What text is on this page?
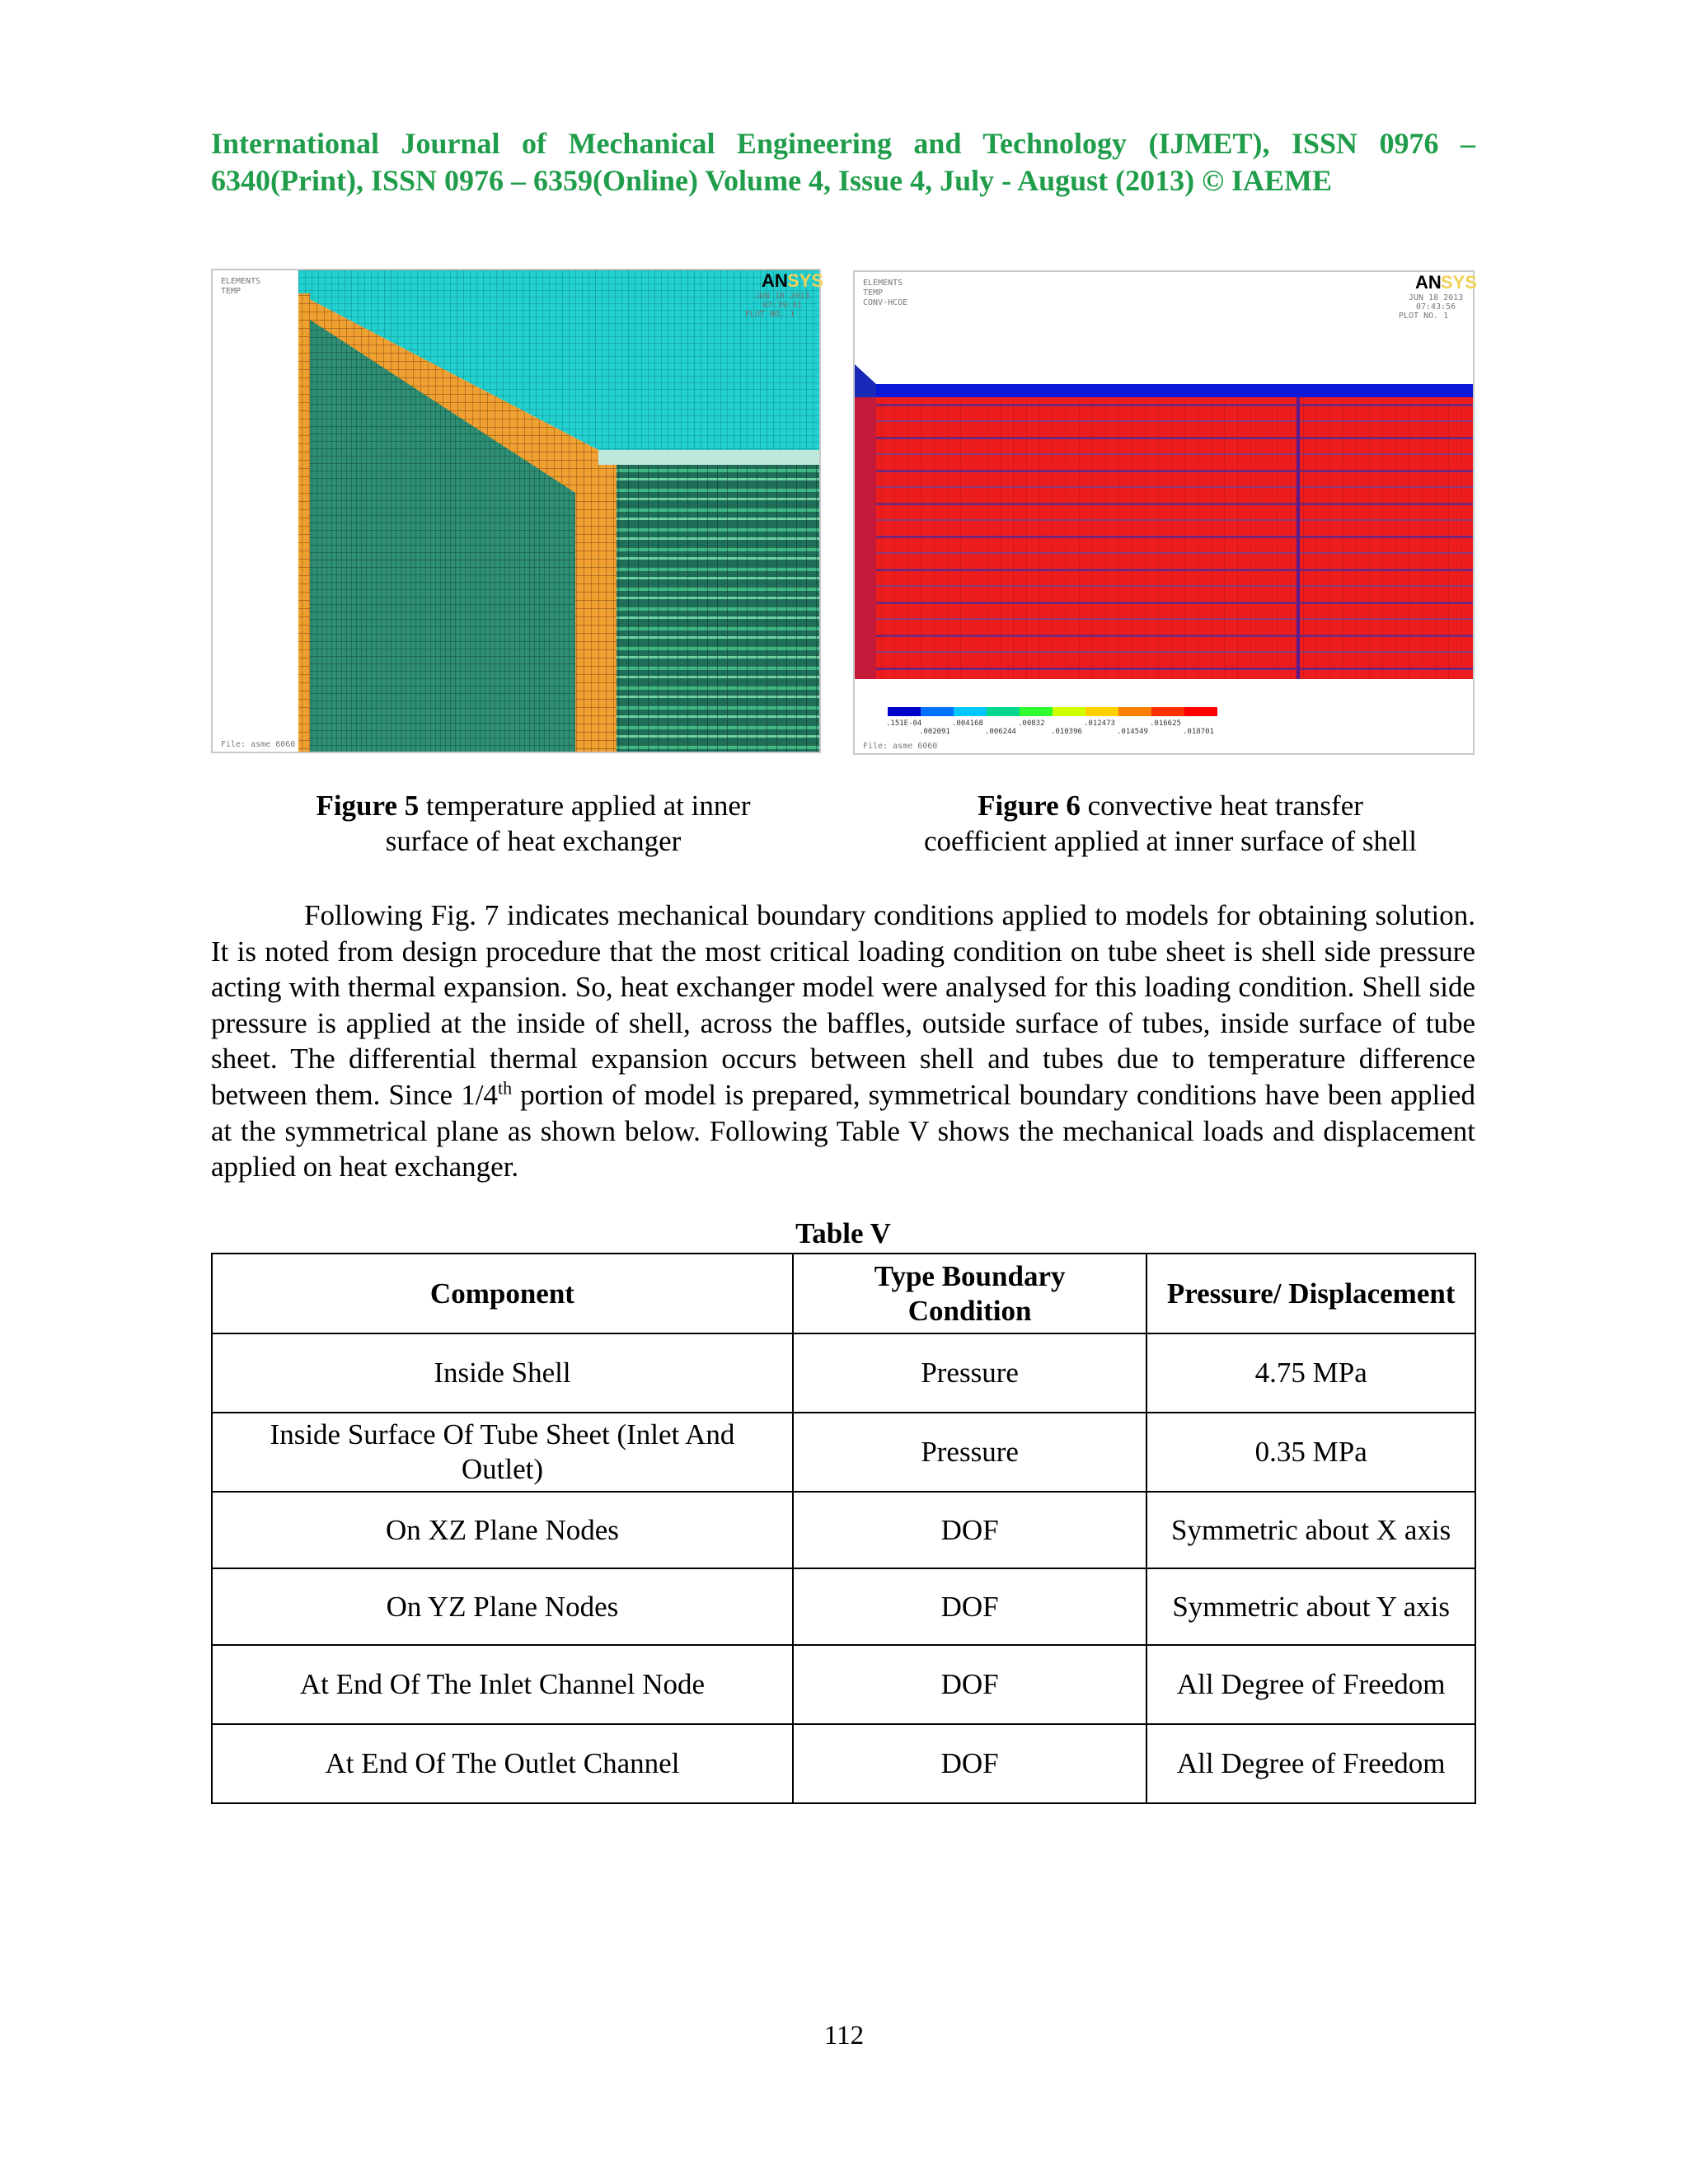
International Journal of Mechanical Engineering and Technology (IJMET), ISSN 0976 –

6340(Print), ISSN 0976 – 6359(Online) Volume 4, Issue 4, July - August (2013) © IAEME

ELEMENTS
TEMP
JUN 18 2013
07:39:41
PLOT NO. 1
File: asme 6060
AN SYS
.151E-04
.002091
.004168
.006244
.00832
.010396
.012473
.014549
.016625
.018701
ELEMENTS
TEMP
CONV-HCOE
JUN 18 2013
07:43:56
PLOT NO. 1
File: asme 6060
AN SYS
Figure 5 temperature applied at inner
surface of heat exchanger
Figure 6 convective heat transfer
coefficient applied at inner surface of shell

Following Fig. 7 indicates mechanical boundary conditions applied to models for obtaining solution. It is noted from design procedure that the most critical loading condition on tube sheet is shell side pressure acting with thermal expansion. So, heat exchanger model were analysed for this loading condition. Shell side pressure is applied at the inside of shell, across the baffles, outside surface of tubes, inside surface of tube sheet. The differential thermal expansion occurs between shell and tubes due to temperature difference between them. Since 1/4th portion of model is prepared, symmetrical boundary conditions have been applied at the symmetrical plane as shown below. Following Table V shows the mechanical loads and displacement applied on heat exchanger.

Table V
Component	Type Boundary Condition	Pressure/ Displacement
Inside Shell	Pressure	4.75 MPa
Inside Surface Of Tube Sheet (Inlet And Outlet)	Pressure	0.35 MPa
On XZ Plane Nodes	DOF	Symmetric about X axis
On YZ Plane Nodes	DOF	Symmetric about Y axis
At End Of The Inlet Channel Node	DOF	All Degree of Freedom
At End Of The Outlet Channel	DOF	All Degree of Freedom
112
